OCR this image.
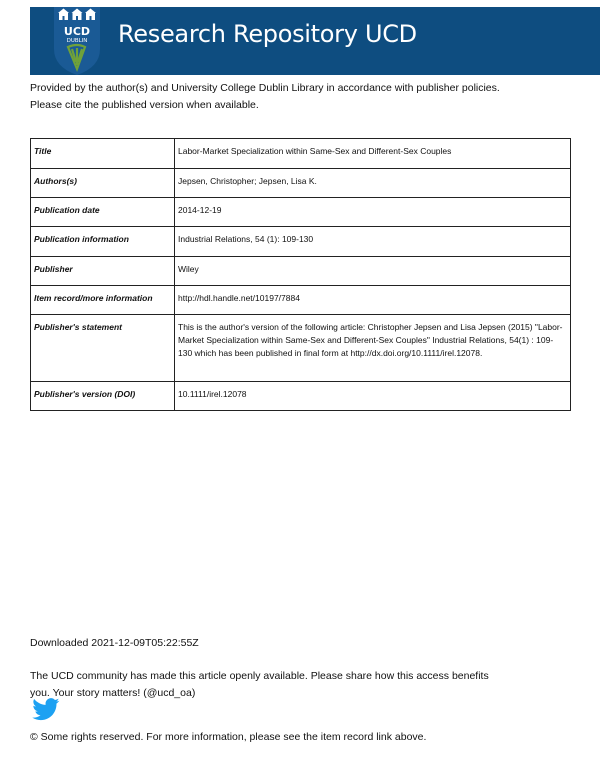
UCD
DUBLIN Research Repository UCD
Provided by the author(s) and University College Dublin Library in accordance with publisher policies. Please cite the published version when available.
Title	Labor-Market Specialization within Same-Sex and Different-Sex Couples
Authors(s)	Jepsen, Christopher; Jepsen, Lisa K.
Publication date	2014-12-19
Publication information	Industrial Relations, 54 (1): 109-130
Publisher	Wiley
Item record/more information	http://hdl.handle.net/10197/7884
Publisher's statement	This is the author's version of the following article: Christopher Jepsen and Lisa Jepsen (2015) "Labor-Market Specialization within Same-Sex and Different-Sex Couples" Industrial Relations, 54(1) : 109-130 which has been published in final form at http://dx.doi.org/10.1111/irel.12078.
Publisher's version (DOI)	10.1111/irel.12078
Downloaded 2021-12-09T05:22:55Z
The UCD community has made this article openly available. Please share how this access benefits you. Your story matters! (@ucd_oa)
© Some rights reserved. For more information, please see the item record link above.
